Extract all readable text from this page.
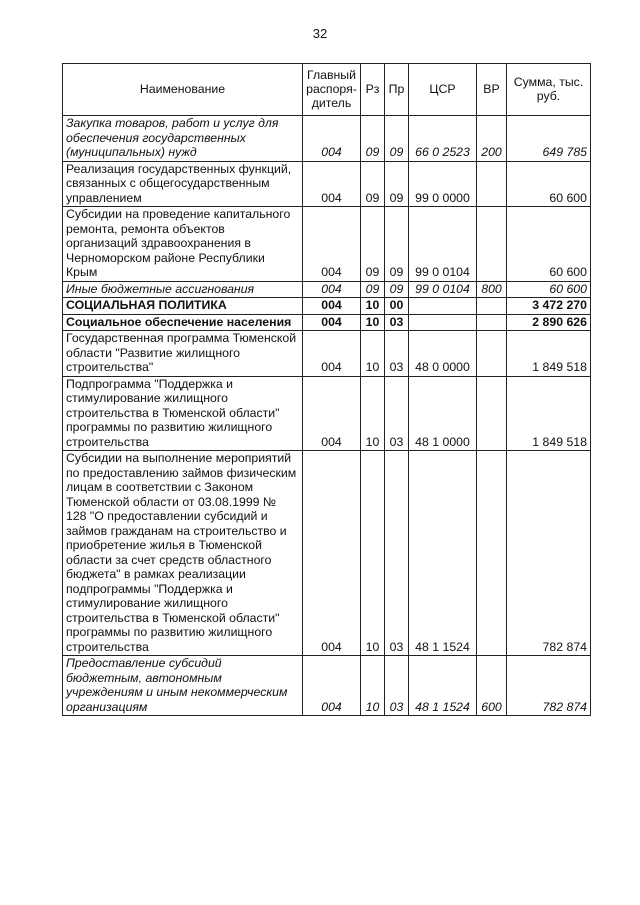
32
Наименование	Главный распоря-дитель	Рз	Пр	ЦСР	ВР	Сумма, тыс. руб.
Закупка товаров, работ и услуг для обеспечения государственных (муниципальных) нужд	004	09	09	66 0 2523	200	649 785
Реализация государственных функций, связанных с общегосударственным управлением	004	09	09	99 0 0000		60 600
Субсидии на проведение капитального ремонта, ремонта объектов организаций здравоохранения в Черноморском районе Республики Крым	004	09	09	99 0 0104		60 600
Иные бюджетные ассигнования	004	09	09	99 0 0104	800	60 600
СОЦИАЛЬНАЯ ПОЛИТИКА	004	10	00			3 472 270
Социальное обеспечение населения	004	10	03			2 890 626
Государственная программа Тюменской области "Развитие жилищного строительства"	004	10	03	48 0 0000		1 849 518
Подпрограмма "Поддержка и стимулирование жилищного строительства в Тюменской области" программы по развитию жилищного строительства	004	10	03	48 1 0000		1 849 518
Субсидии на выполнение мероприятий по предоставлению займов физическим лицам в соответствии с Законом Тюменской области от 03.08.1999 № 128 "О предоставлении субсидий и займов гражданам на строительство и приобретение жилья в Тюменской области за счет средств областного бюджета" в рамках реализации подпрограммы "Поддержка и стимулирование жилищного строительства в Тюменской области" программы по развитию жилищного строительства	004	10	03	48 1 1524		782 874
Предоставление субсидий бюджетным, автономным учреждениям и иным некоммерческим организациям	004	10	03	48 1 1524	600	782 874
